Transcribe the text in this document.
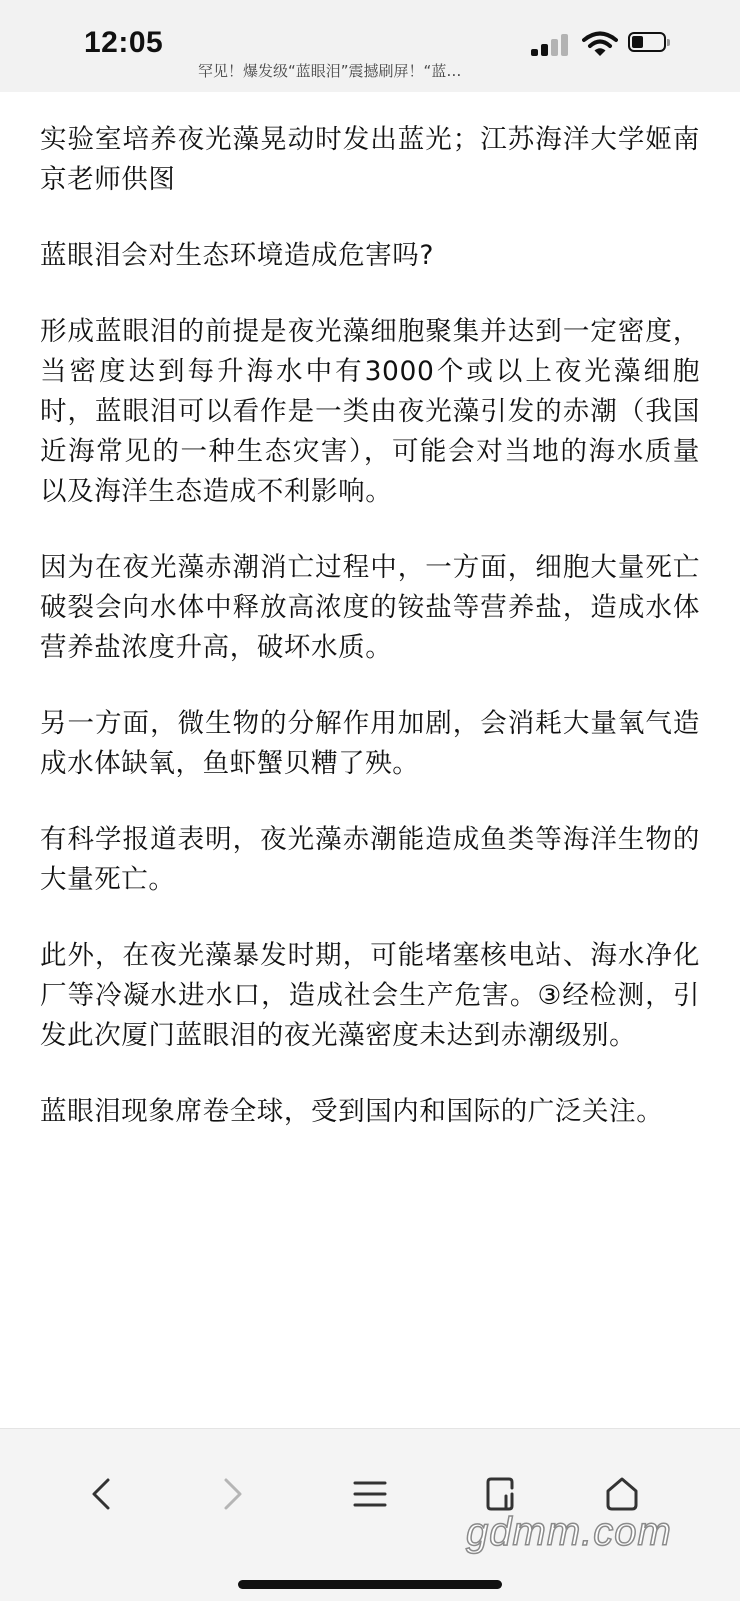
12:05
罕见！爆发级“蓝眼泪”震撼刷屏！“蓝…

实验室培养夜光藻晃动时发出蓝光；江苏海洋大学姬南京老师供图

蓝眼泪会对生态环境造成危害吗?

形成蓝眼泪的前提是夜光藻细胞聚集并达到一定密度，当密度达到每升海水中有3000个或以上夜光藻细胞时，蓝眼泪可以看作是一类由夜光藻引发的赤潮（我国近海常见的一种生态灾害），可能会对当地的海水质量以及海洋生态造成不利影响。

因为在夜光藻赤潮消亡过程中，一方面，细胞大量死亡破裂会向水体中释放高浓度的铵盐等营养盐，造成水体营养盐浓度升高，破坏水质。

另一方面，微生物的分解作用加剧，会消耗大量氧气造成水体缺氧，鱼虾蟹贝糟了殃。

有科学报道表明，夜光藻赤潮能造成鱼类等海洋生物的大量死亡。

此外，在夜光藻暴发时期，可能堵塞核电站、海水净化厂等冷凝水进水口，造成社会生产危害。③经检测，引发此次厦门蓝眼泪的夜光藻密度未达到赤潮级别。

蓝眼泪现象席卷全球，受到国内和国际的广泛关注。

gdmm.com
